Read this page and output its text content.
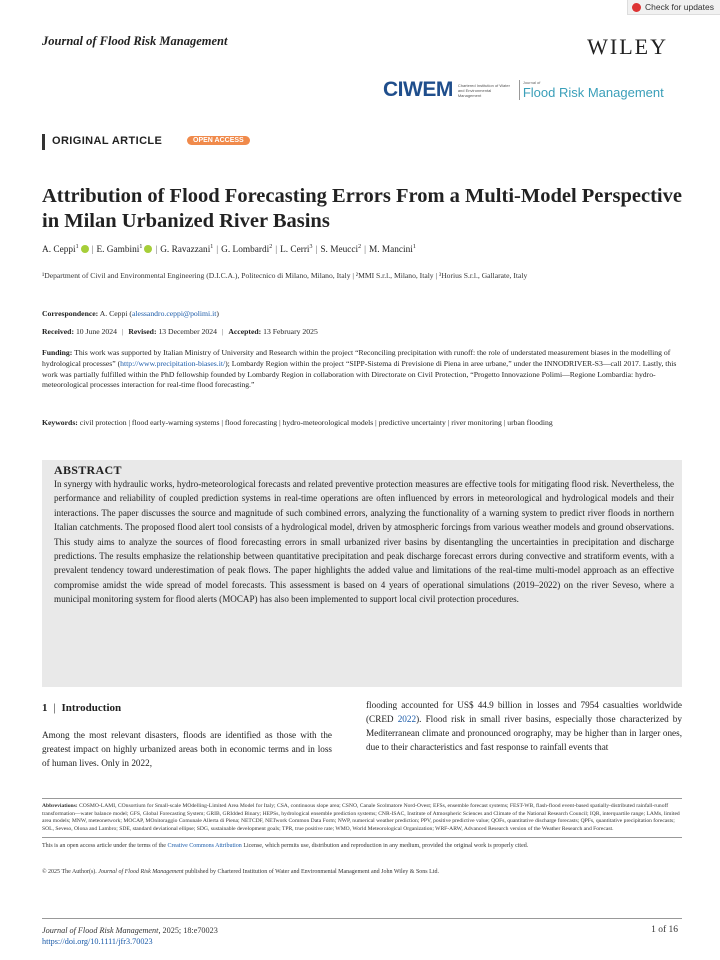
Check for updates
Journal of Flood Risk Management	WILEY
CIWEM Chartered Institution of Water and Environmental Management
Journal of
Flood Risk Management
ORIGINAL ARTICLE	OPEN ACCESS
Attribution of Flood Forecasting Errors From a Multi-Model Perspective in Milan Urbanized River Basins
A. Ceppi$^1$ | E. Gambini$^1$ | G. Ravazzani$^1$ | G. Lombardi$^2$ | L. Cerri$^3$ | S. Meucci$^2$ | M. Mancini$^1$
¹Department of Civil and Environmental Engineering (D.I.C.A.), Politecnico di Milano, Milano, Italy | ²MMI S.r.l., Milano, Italy | ³Horius S.r.l., Gallarate, Italy
Correspondence: A. Ceppi (alessandro.ceppi@polimi.it)
Received: 10 June 2024 | Revised: 13 December 2024 | Accepted: 13 February 2025
Funding: This work was supported by Italian Ministry of University and Research within the project “Reconciling precipitation with runoff: the role of understated measurement biases in the modelling of hydrological processes” (http://www.precipitation-biases.it/); Lombardy Region within the project “SIPP-Sistema di Previsione di Piena in aree urbane,” under the INNODRIVER-S3—call 2017. Lastly, this work was partially fulfilled within the PhD fellowship founded by Lombardy Region in collaboration with Directorate on Civil Protection, “Progetto Innovazione Polimi—Regione Lombardia: hydro-meteorological processes interaction for real-time flood forecasting.”
Keywords: civil protection | flood early-warning systems | flood forecasting | hydro-meteorological models | predictive uncertainty | river monitoring | urban flooding
ABSTRACT
In synergy with hydraulic works, hydro-meteorological forecasts and related preventive protection measures are effective tools for mitigating flood risk. Nevertheless, the performance and reliability of coupled prediction systems in real-time operations are often influenced by errors in meteorological and hydrological models and their interactions. The paper discusses the source and magnitude of such combined errors, analyzing the functionality of a warning system to predict river floods in northern Italian catchments. The proposed flood alert tool consists of a hydrological model, driven by atmospheric forcings from various weather models and ground observations. This study aims to analyze the sources of flood forecasting errors in small urbanized river basins by disentangling the uncertainties in precipitation and discharge predictions. The results emphasize the relationship between quantitative precipitation and peak discharge forecast errors during convective and stratiform events, with a prevalent tendency toward underestimation of peak flows. The paper highlights the added value and limitations of the real-time multi-model approach as an effective compromise amidst the wide spread of model forecasts. This assessment is based on 4 years of operational simulations (2019–2022) on the river Seveso, where a municipal monitoring system for flood alerts (MOCAP) has also been implemented to support local civil protection procedures.
1 | Introduction
Among the most relevant disasters, floods are identified as those with the greatest impact on highly urbanized areas both in economic terms and in loss of human lives. Only in 2022,
flooding accounted for US$ 44.9 billion in losses and 7954 casualties worldwide (CRED 2022). Flood risk in small river basins, especially those characterized by Mediterranean climate and pronounced orography, may be higher than in larger ones, due to their characteristics and fast response to rainfall events that
Abbreviations: COSMO-LAMI, COnsortium for Small-scale MOdelling-Limited Area Model for Italy; CSA, continuous slope area; CSNO, Canale Scolmatore Nord-Ovest; EFSs, ensemble forecast systems; FEST-WB, flash-flood event-based spatially-distributed rainfall-runoff transformation—water balance model; GFS, Global Forecasting System; GRIB, GRIdded Binary; HEPSs, hydrological ensemble prediction systems; CNR-ISAC, Institute of Atmospheric Sciences and Climate of the National Research Council; IQR, interquartile range; LAMs, limited area models; MNW, meteonetwork; MOCAP, MOnitoraggio Comunale Allerta di Piena; NETCDF, NETwork Common Data Form; NWP, numerical weather prediction; PPV, positive predictive value; QOFs, quantitative discharge forecasts; QPFs, quantitative precipitation forecasts; SOL, Seveso, Olona and Lambro; SDE, standard deviational ellipse; SDG, sustainable development goals; TPR, true positive rate; WMO, World Meteorological Organization; WRF-ARW, Advanced Research version of the Weather Research and Forecast.
This is an open access article under the terms of the Creative Commons Attribution License, which permits use, distribution and reproduction in any medium, provided the original work is properly cited.
© 2025 The Author(s). Journal of Flood Risk Management published by Chartered Institution of Water and Environmental Management and John Wiley & Sons Ltd.
Journal of Flood Risk Management, 2025; 18:e70023
https://doi.org/10.1111/jfr3.70023
1 of 16
